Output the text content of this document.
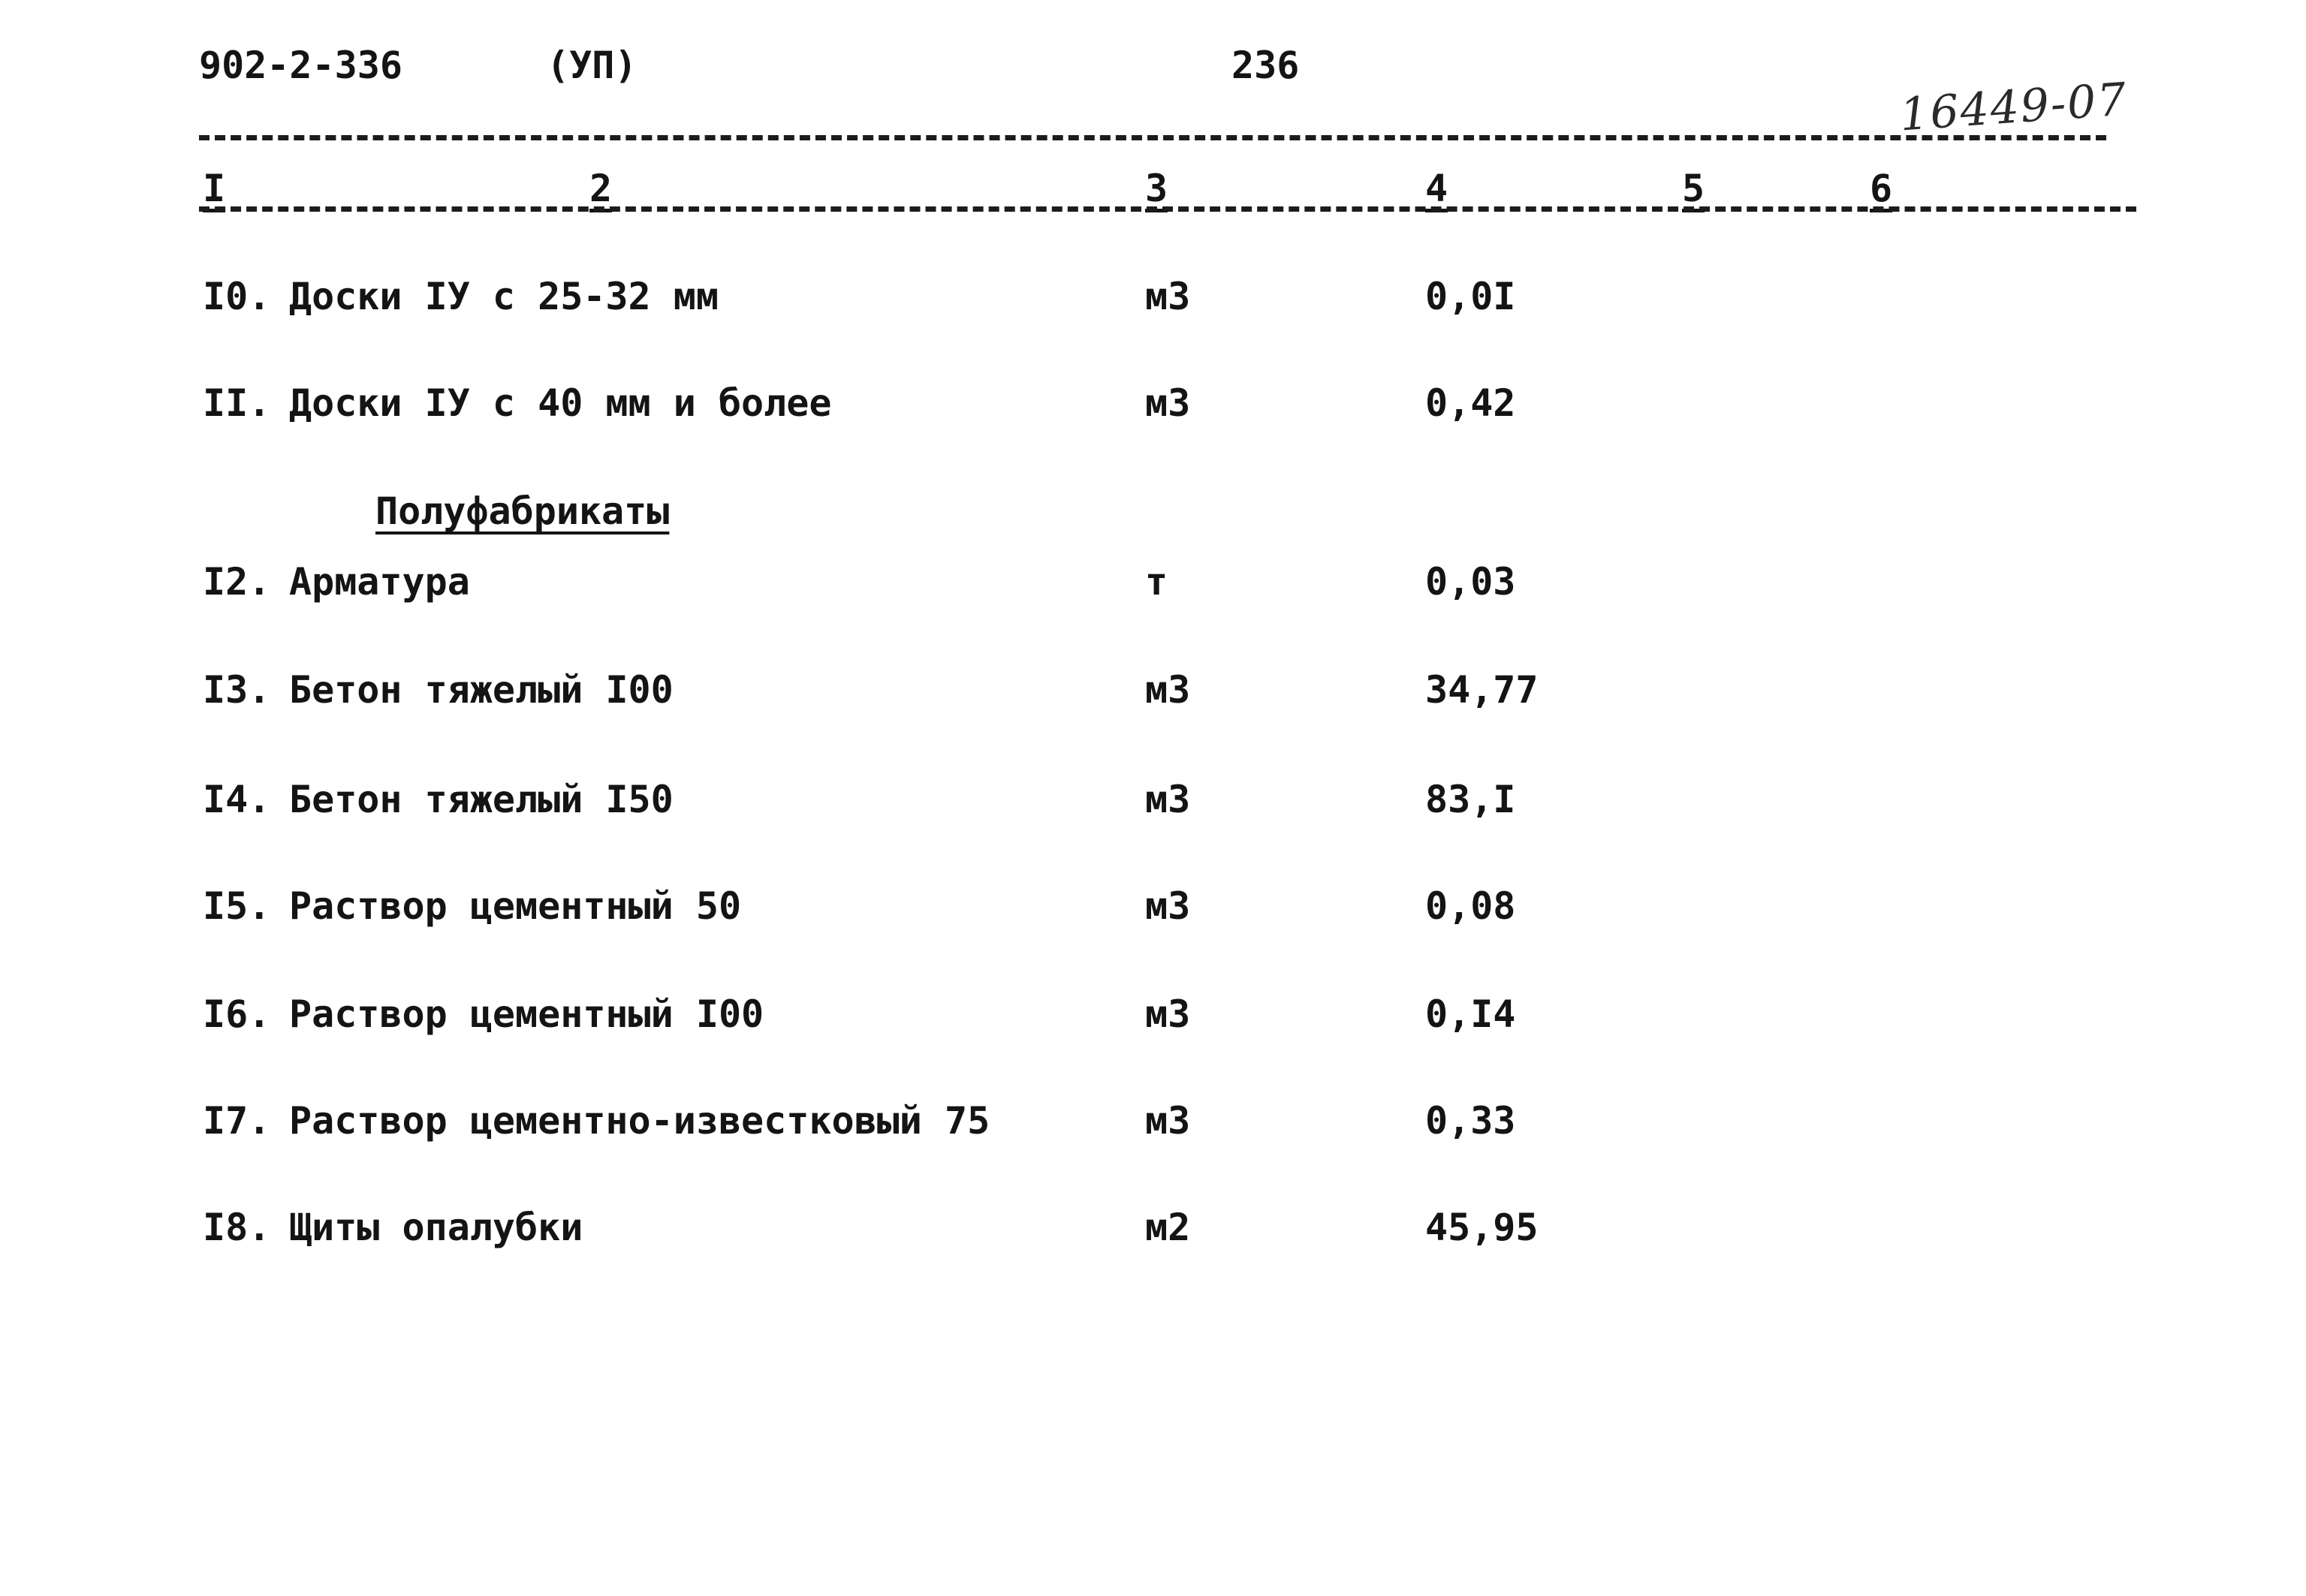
902-2-336	(УП)	236
16449-07
I	2	3	4	5	6
I0. Доски IУ с 25-32 мм	м3	0,0I
II. Доски IУ с 40 мм и более	м3	0,42
Полуфабрикаты
I2. Арматура	т	0,03
I3. Бетон тяжелый I00	м3	34,77
I4. Бетон тяжелый I50	м3	83,I
I5. Раствор цементный 50	м3	0,08
I6. Раствор цементный I00	м3	0,I4
I7. Раствор цементно-известковый 75	м3	0,33
I8. Щиты опалубки	м2	45,95
